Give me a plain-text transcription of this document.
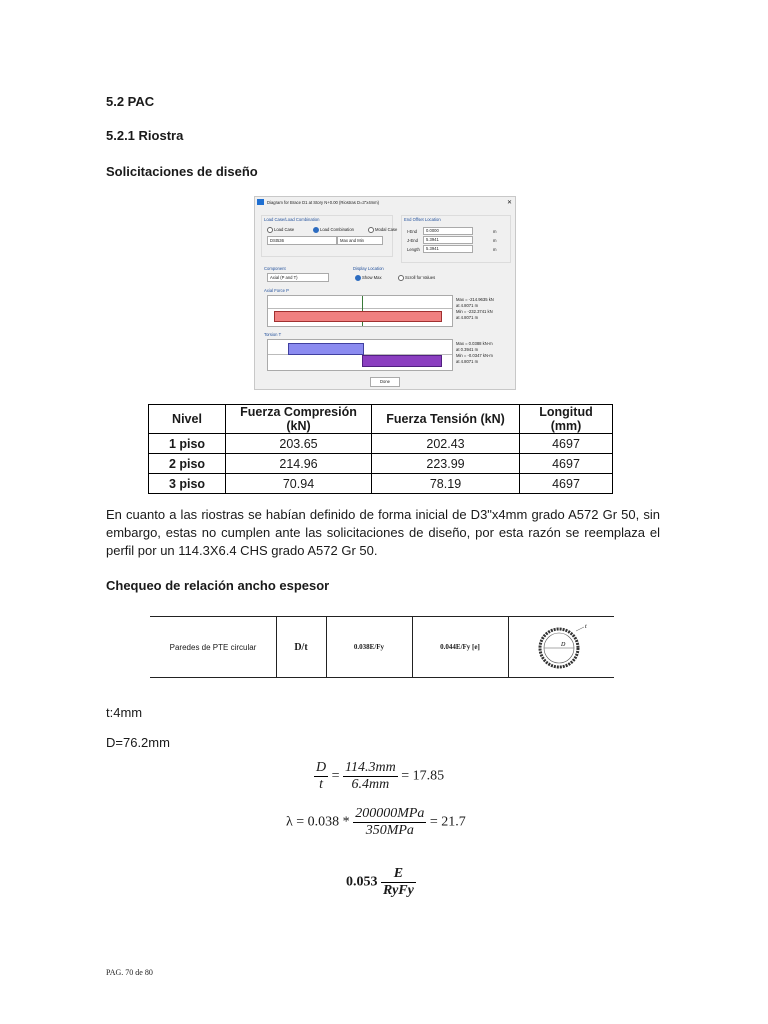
5.2 PAC
5.2.1 Riostra
Solicitaciones de diseño
Diagram for Brace D1 at Story N+0.00 (Riostras D=3"x4mm)	✕
Load Case/Load Combination
Load Case	Load Combination	Modal Case
DSt536	Max and Min
End Offset Location
I-End 0.0000	m
J-End 5.3941	m
Length 5.3941	m
Component
Axial (P and T)
Display Location
Show Max	Scroll for Values
Axial Force P
Max = -214.9635 kN
at 4.8071 m
Min = -232.3741 kN
at 4.8071 m
Torsion T
Max = 0.0388 kN-m
at 0.3941 m
Min = -0.0347 kN-m
at 4.8071 m
Done
Nivel	Fuerza Compresión (kN)	Fuerza Tensión (kN)	Longitud (mm)
1 piso	203.65	202.43	4697
2 piso	214.96	223.99	4697
3 piso	70.94	78.19	4697
En cuanto a las riostras se habían definido de forma inicial de D3"x4mm grado A572 Gr 50, sin embargo, estas no cumplen ante las solicitaciones de diseño, por esta razón se reemplaza el perfil por un 114.3X6.4 CHS grado A572 Gr 50.
Chequeo de relación ancho espesor
Paredes de PTE circular	D/t	0.038E/Fy	0.044E/Fy [e]	D
t
t:4mm
D=76.2mm
$\frac{D}{t} = \frac{114.3mm}{6.4mm} = 17.85$
$\lambda = 0.038 * \frac{\text{200000MPa}}{\text{350MPa}} = 21.7$
$0.053 \frac{E}{\text{RyFy}}$
PAG. 70 de 80
